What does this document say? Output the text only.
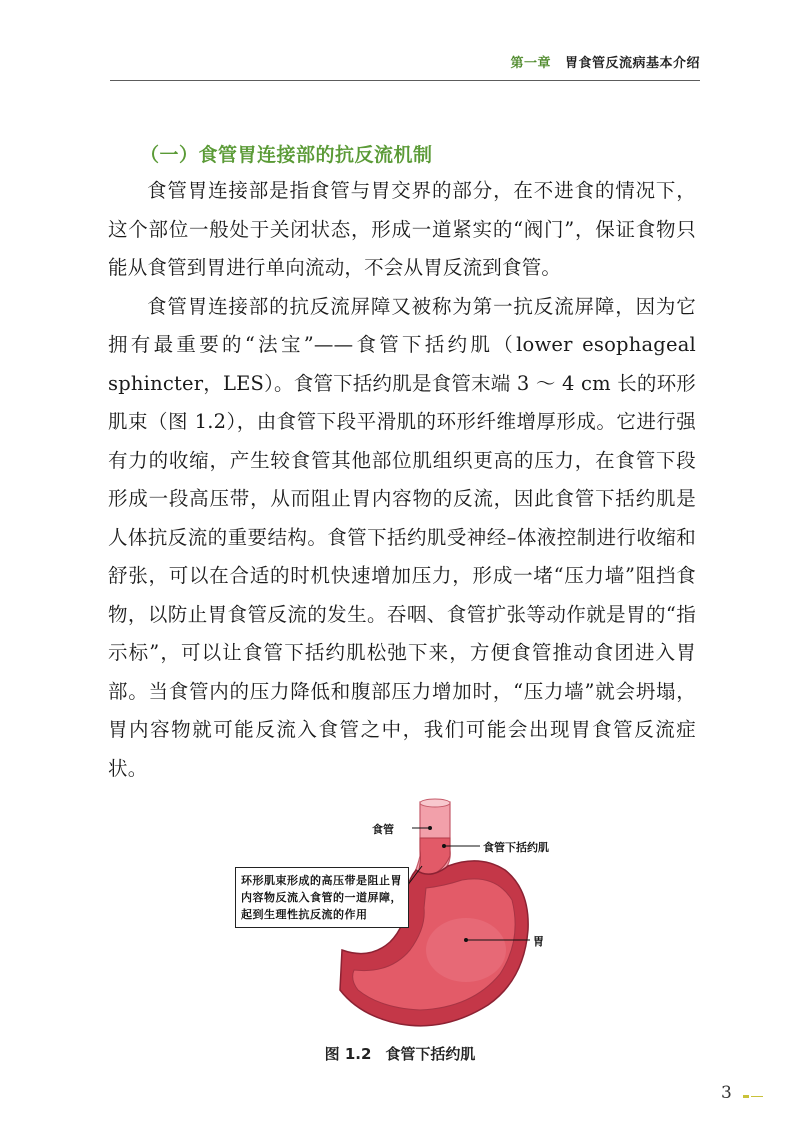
第一章 胃食管反流病基本介绍
（一）食管胃连接部的抗反流机制

食管胃连接部是指食管与胃交界的部分，在不进食的情况下，这个部位一般处于关闭状态，形成一道紧实的“阀门”，保证食物只能从食管到胃进行单向流动，不会从胃反流到食管。

食管胃连接部的抗反流屏障又被称为第一抗反流屏障，因为它拥有最重要的“法宝”——食管下括约肌（lower esophageal sphincter，LES）。食管下括约肌是食管末端 3 ～ 4 cm 长的环形肌束（图 1.2），由食管下段平滑肌的环形纤维增厚形成。它进行强有力的收缩，产生较食管其他部位肌组织更高的压力，在食管下段形成一段高压带，从而阻止胃内容物的反流，因此食管下括约肌是人体抗反流的重要结构。食管下括约肌受神经–体液控制进行收缩和舒张，可以在合适的时机快速增加压力，形成一堵“压力墙”阻挡食物，以防止胃食管反流的发生。吞咽、食管扩张等动作就是胃的“指示标”，可以让食管下括约肌松弛下来，方便食管推动食团进入胃部。当食管内的压力降低和腹部压力增加时，“压力墙”就会坍塌，胃内容物就可能反流入食管之中，我们可能会出现胃食管反流症状。

食管
食管下括约肌
胃
环形肌束形成的高压带是阻止胃内容物反流入食管的一道屏障，起到生理性抗反流的作用
图 1.2 食管下括约肌
3
